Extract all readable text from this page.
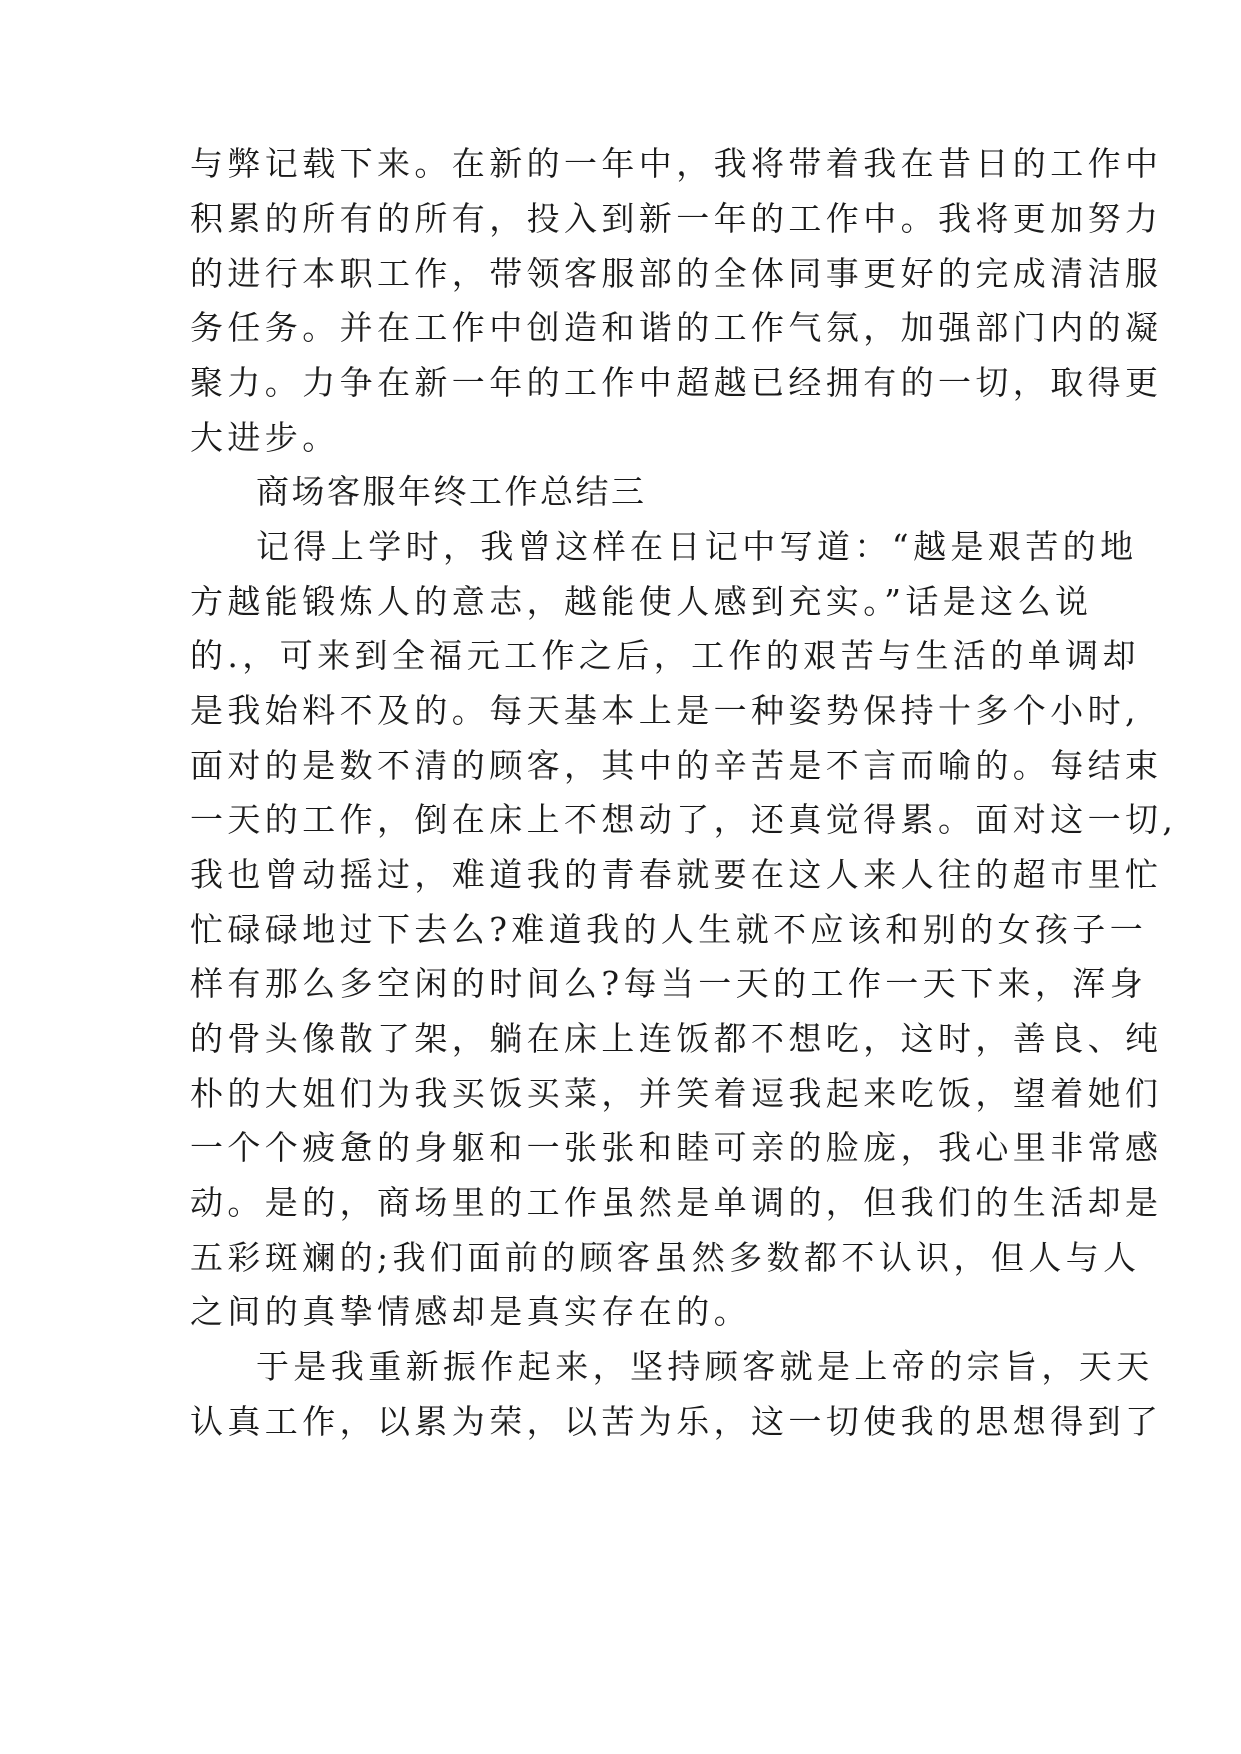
与弊记载下来。在新的一年中，我将带着我在昔日的工作中
积累的所有的所有，投入到新一年的工作中。我将更加努力
的进行本职工作，带领客服部的全体同事更好的完成清洁服
务任务。并在工作中创造和谐的工作气氛，加强部门内的凝
聚力。力争在新一年的工作中超越已经拥有的一切，取得更
大进步。
商场客服年终工作总结三
记得上学时，我曾这样在日记中写道：“越是艰苦的地
方越能锻炼人的意志，越能使人感到充实。”话是这么说
的.，可来到全福元工作之后，工作的艰苦与生活的单调却
是我始料不及的。每天基本上是一种姿势保持十多个小时,
面对的是数不清的顾客，其中的辛苦是不言而喻的。每结束
一天的工作，倒在床上不想动了，还真觉得累。面对这一切,
我也曾动摇过，难道我的青春就要在这人来人往的超市里忙
忙碌碌地过下去么?难道我的人生就不应该和别的女孩子一
样有那么多空闲的时间么?每当一天的工作一天下来，浑身
的骨头像散了架，躺在床上连饭都不想吃，这时，善良、纯
朴的大姐们为我买饭买菜，并笑着逗我起来吃饭，望着她们
一个个疲惫的身躯和一张张和睦可亲的脸庞，我心里非常感
动。是的，商场里的工作虽然是单调的，但我们的生活却是
五彩斑斓的;我们面前的顾客虽然多数都不认识，但人与人
之间的真挚情感却是真实存在的。
于是我重新振作起来，坚持顾客就是上帝的宗旨，天天
认真工作，以累为荣，以苦为乐，这一切使我的思想得到了
